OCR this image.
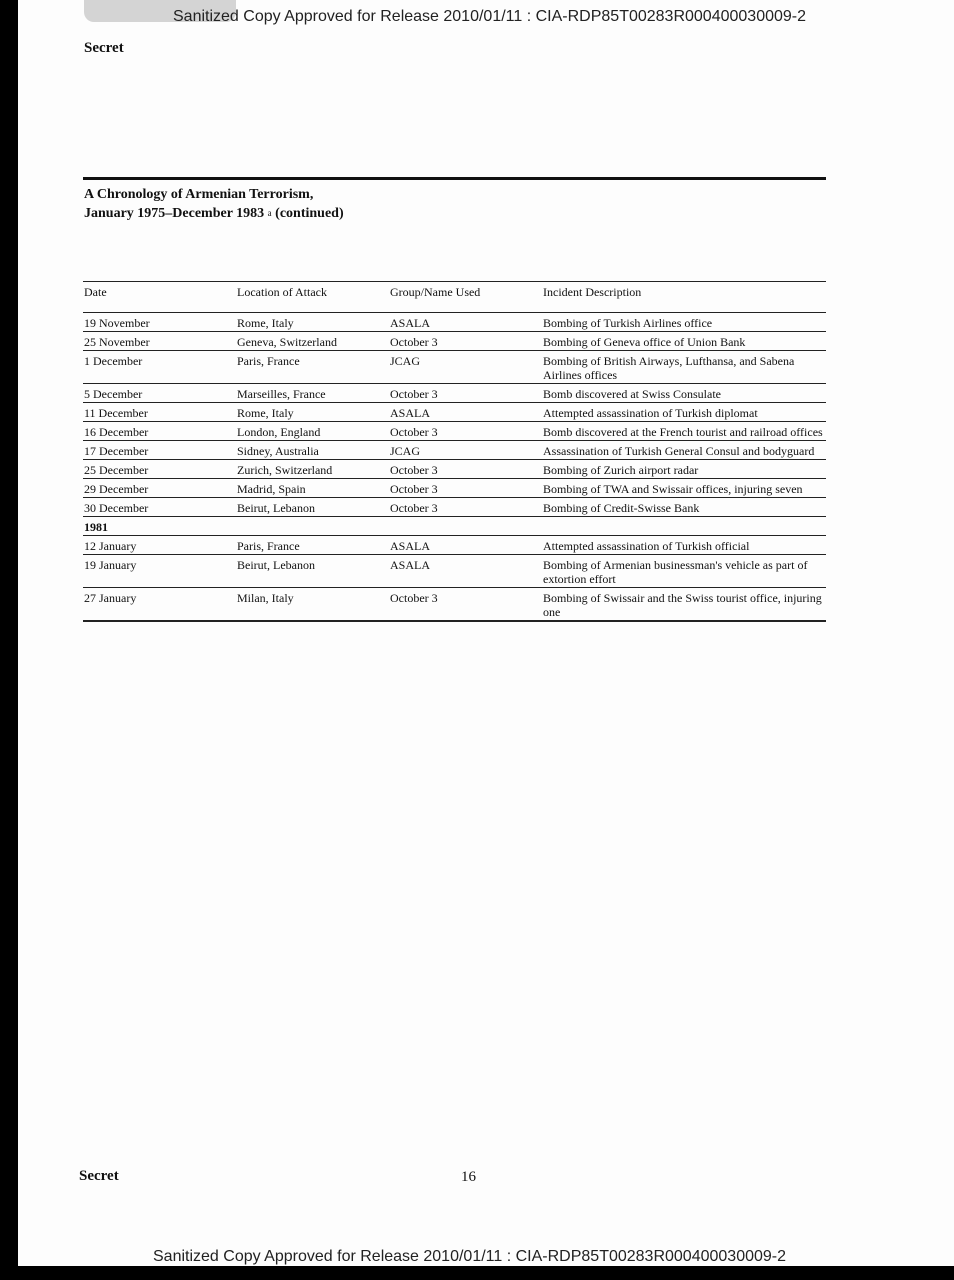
Sanitized Copy Approved for Release 2010/01/11 : CIA-RDP85T00283R000400030009-2
Secret
A Chronology of Armenian Terrorism,
January 1975–December 1983 $^a$ (continued)
Date	Location of Attack	Group/Name Used	Incident Description
19 November	Rome, Italy	ASALA	Bombing of Turkish Airlines office
25 November	Geneva, Switzerland	October 3	Bombing of Geneva office of Union Bank
1 December	Paris, France	JCAG	Bombing of British Airways, Lufthansa, and Sabena Airlines offices
5 December	Marseilles, France	October 3	Bomb discovered at Swiss Consulate
11 December	Rome, Italy	ASALA	Attempted assassination of Turkish diplomat
16 December	London, England	October 3	Bomb discovered at the French tourist and railroad offices
17 December	Sidney, Australia	JCAG	Assassination of Turkish General Consul and bodyguard
25 December	Zurich, Switzerland	October 3	Bombing of Zurich airport radar
29 December	Madrid, Spain	October 3	Bombing of TWA and Swissair offices, injuring seven
30 December	Beirut, Lebanon	October 3	Bombing of Credit-Swisse Bank
1981			
12 January	Paris, France	ASALA	Attempted assassination of Turkish official
19 January	Beirut, Lebanon	ASALA	Bombing of Armenian businessman's vehicle as part of extortion effort
27 January	Milan, Italy	October 3	Bombing of Swissair and the Swiss tourist office, injuring one
Secret	16
Sanitized Copy Approved for Release 2010/01/11 : CIA-RDP85T00283R000400030009-2
